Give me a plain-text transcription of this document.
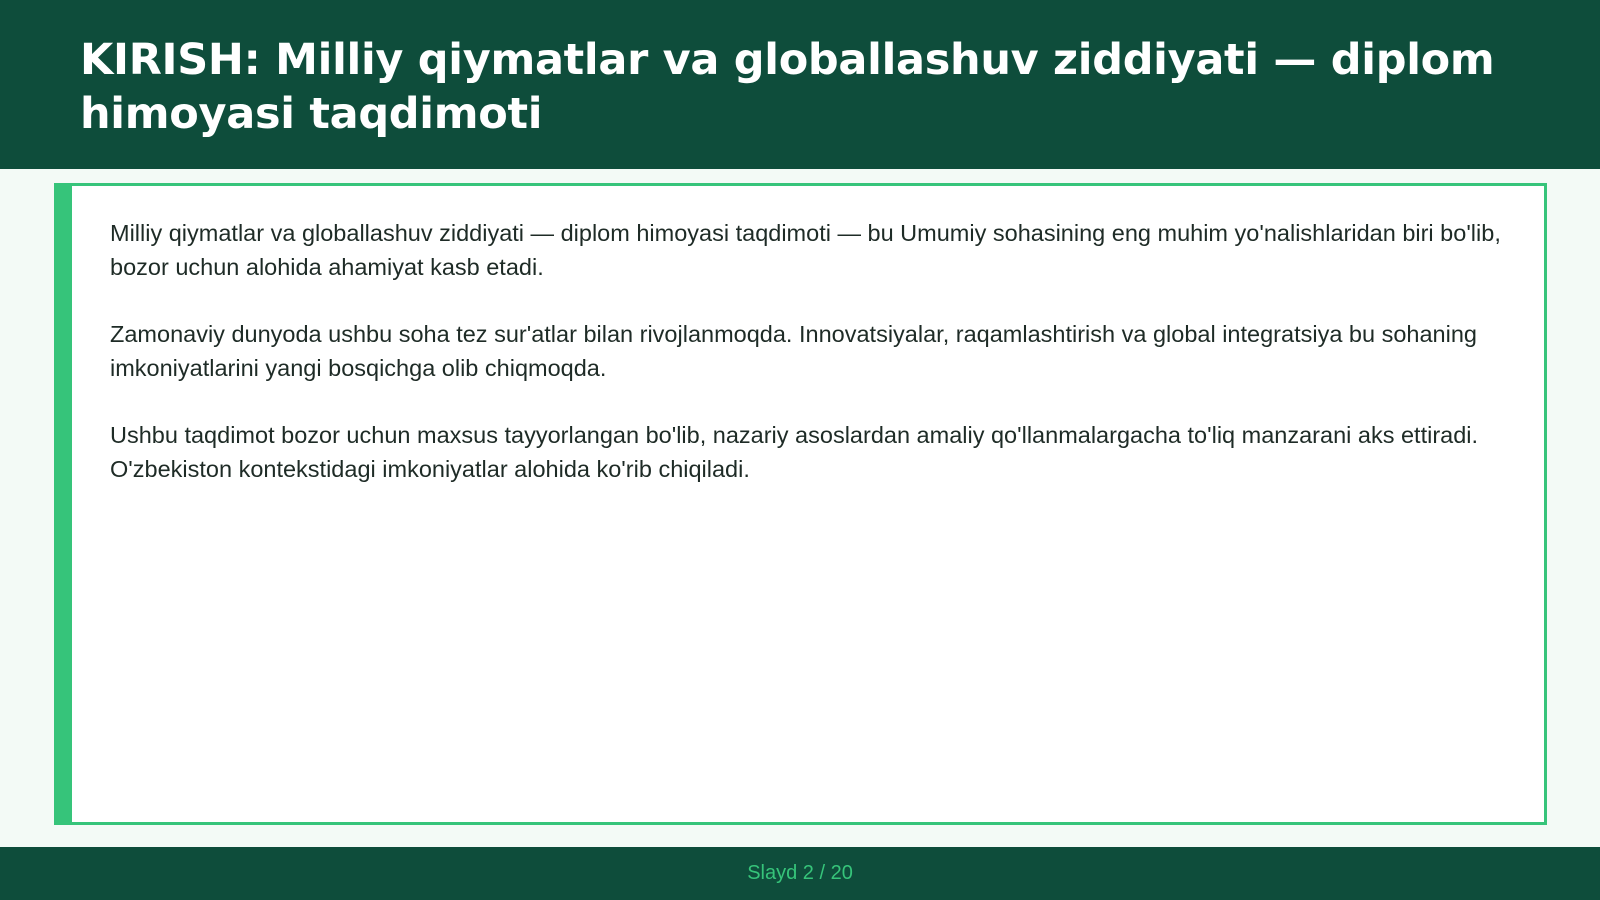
KIRISH: Milliy qiymatlar va globallashuv ziddiyati — diplom himoyasi taqdimoti

Milliy qiymatlar va globallashuv ziddiyati — diplom himoyasi taqdimoti — bu Umumiy sohasining eng muhim yo'nalishlaridan biri bo'lib, bozor uchun alohida ahamiyat kasb etadi.

Zamonaviy dunyoda ushbu soha tez sur'atlar bilan rivojlanmoqda. Innovatsiyalar, raqamlashtirish va global integratsiya bu sohaning imkoniyatlarini yangi bosqichga olib chiqmoqda.

Ushbu taqdimot bozor uchun maxsus tayyorlangan bo'lib, nazariy asoslardan amaliy qo'llanmalargacha to'liq manzarani aks ettiradi. O'zbekiston kontekstidagi imkoniyatlar alohida ko'rib chiqiladi.

Slayd 2 / 20
